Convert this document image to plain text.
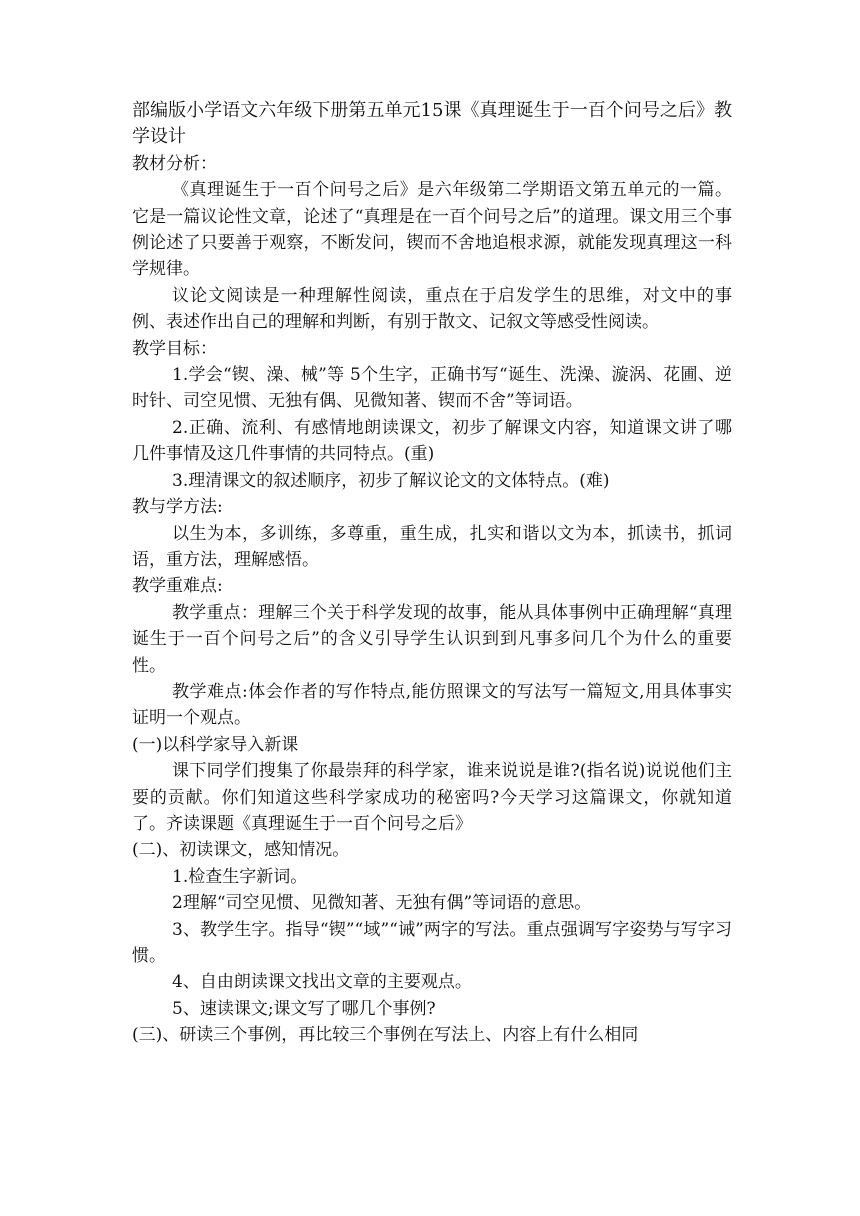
部编版小学语文六年级下册第五单元15课《真理诞生于一百个问号之后》教学设计

教材分析：

《真理诞生于一百个问号之后》是六年级第二学期语文第五单元的一篇。它是一篇议论性文章，论述了“真理是在一百个问号之后”的道理。课文用三个事例论述了只要善于观察，不断发问，锲而不舍地追根求源，就能发现真理这一科学规律。

议论文阅读是一种理解性阅读，重点在于启发学生的思维，对文中的事例、表述作出自己的理解和判断，有别于散文、记叙文等感受性阅读。

教学目标：

1.学会“锲、澡、械”等 5个生字，正确书写“诞生、洗澡、漩涡、花圃、逆时针、司空见惯、无独有偶、见微知著、锲而不舍”等词语。

2.正确、流利、有感情地朗读课文，初步了解课文内容，知道课文讲了哪几件事情及这几件事情的共同特点。(重)

3.理清课文的叙述顺序，初步了解议论文的文体特点。(难)

教与学方法:

以生为本，多训练，多尊重，重生成，扎实和谐以文为本，抓读书，抓词语，重方法，理解感悟。

教学重难点:

教学重点：理解三个关于科学发现的故事，能从具体事例中正确理解“真理诞生于一百个问号之后”的含义引导学生认识到到凡事多问几个为什么的重要性。

教学难点:体会作者的写作特点,能仿照课文的写法写一篇短文,用具体事实证明一个观点。

(一)以科学家导入新课

课下同学们搜集了你最崇拜的科学家，谁来说说是谁?(指名说)说说他们主要的贡献。你们知道这些科学家成功的秘密吗?今天学习这篇课文，你就知道了。齐读课题《真理诞生于一百个问号之后》

(二)、初读课文，感知情况。

1.检查生字新词。

2理解“司空见惯、见微知著、无独有偶”等词语的意思。

3、教学生字。指导“锲”“域”“诫”两字的写法。重点强调写字姿势与写字习惯。

4、自由朗读课文找出文章的主要观点。

5、速读课文;课文写了哪几个事例?

(三)、研读三个事例，再比较三个事例在写法上、内容上有什么相同
